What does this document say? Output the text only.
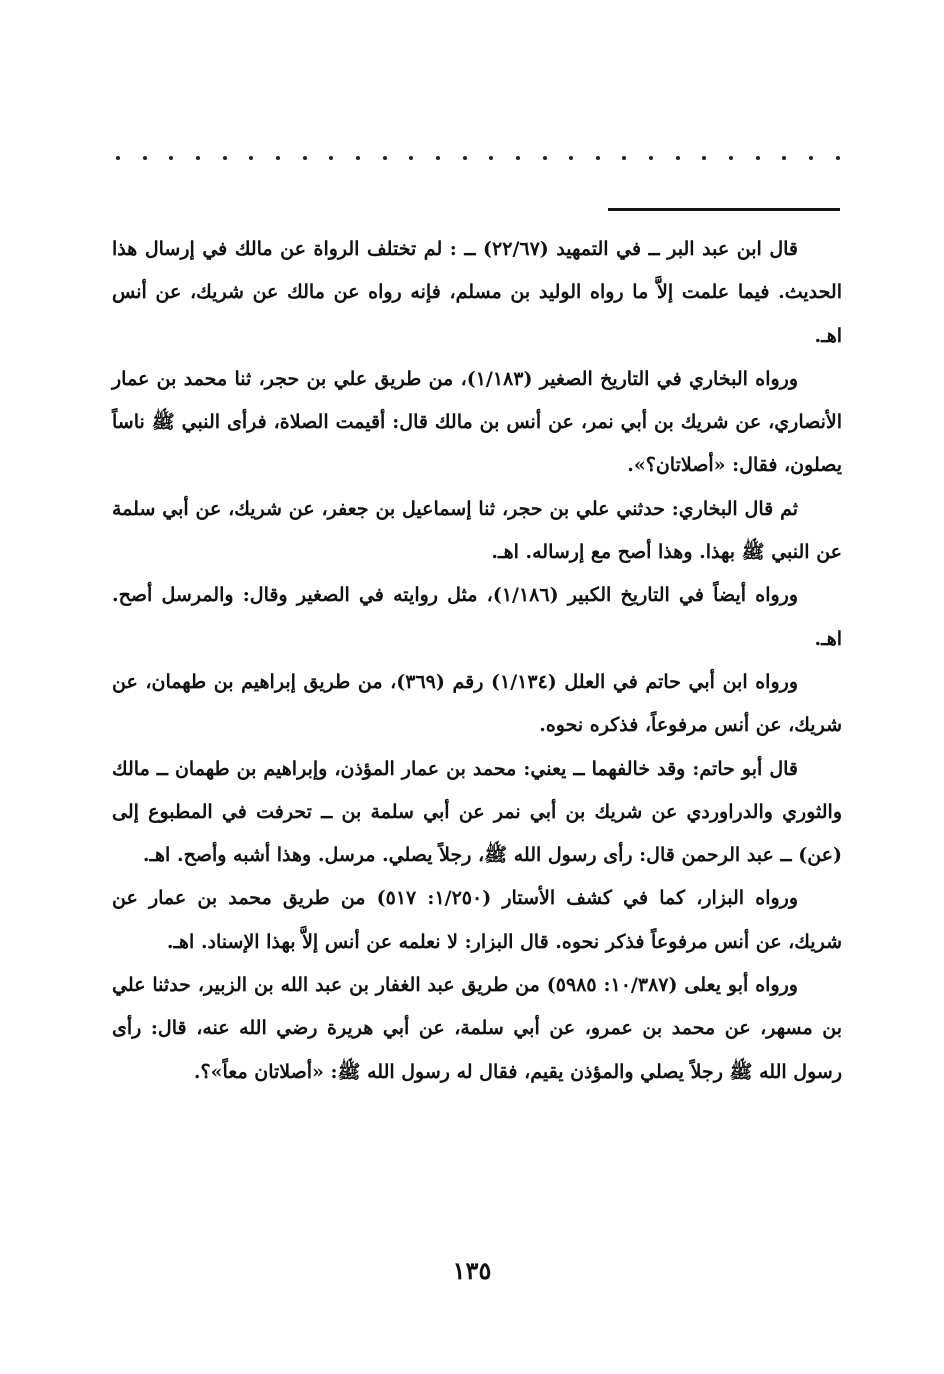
قال ابن عبد البر ــ في التمهيد (٢٢/٦٧) ــ : لم تختلف الرواة عن مالك في إرسال هذا الحديث. فيما علمت إلاَّ ما رواه الوليد بن مسلم، فإنه رواه عن مالك عن شريك، عن أنس اهـ.

ورواه البخاري في التاريخ الصغير (١/١٨٣)، من طريق علي بن حجر، ثنا محمد بن عمار الأنصاري، عن شريك بن أبي نمر، عن أنس بن مالك قال: أقيمت الصلاة، فرأى النبي ﷺ ناساً يصلون، فقال: «أصلاتان؟».

ثم قال البخاري: حدثني علي بن حجر، ثنا إسماعيل بن جعفر، عن شريك، عن أبي سلمة عن النبي ﷺ بهذا. وهذا أصح مع إرساله. اهـ.

ورواه أيضاً في التاريخ الكبير (١/١٨٦)، مثل روايته في الصغير وقال: والمرسل أصح. اهـ.

ورواه ابن أبي حاتم في العلل (١/١٣٤) رقم (٣٦٩)، من طريق إبراهيم بن طهمان، عن شريك، عن أنس مرفوعاً، فذكره نحوه.

قال أبو حاتم: وقد خالفهما ــ يعني: محمد بن عمار المؤذن، وإبراهيم بن طهمان ــ مالك والثوري والدراوردي عن شريك بن أبي نمر عن أبي سلمة بن ــ تحرفت في المطبوع إلى (عن) ــ عبد الرحمن قال: رأى رسول الله ﷺ، رجلاً يصلي. مرسل. وهذا أشبه وأصح. اهـ.

ورواه البزار، كما في كشف الأستار (١/٢٥٠: ٥١٧) من طريق محمد بن عمار عن شريك، عن أنس مرفوعاً فذكر نحوه. قال البزار: لا نعلمه عن أنس إلاَّ بهذا الإسناد. اهـ.

ورواه أبو يعلى (١٠/٣٨٧: ٥٩٨٥) من طريق عبد الغفار بن عبد الله بن الزبير، حدثنا علي بن مسهر، عن محمد بن عمرو، عن أبي سلمة، عن أبي هريرة رضي الله عنه، قال: رأى رسول الله ﷺ رجلاً يصلي والمؤذن يقيم، فقال له رسول الله ﷺ: «أصلاتان معاً»؟.

١٣٥
